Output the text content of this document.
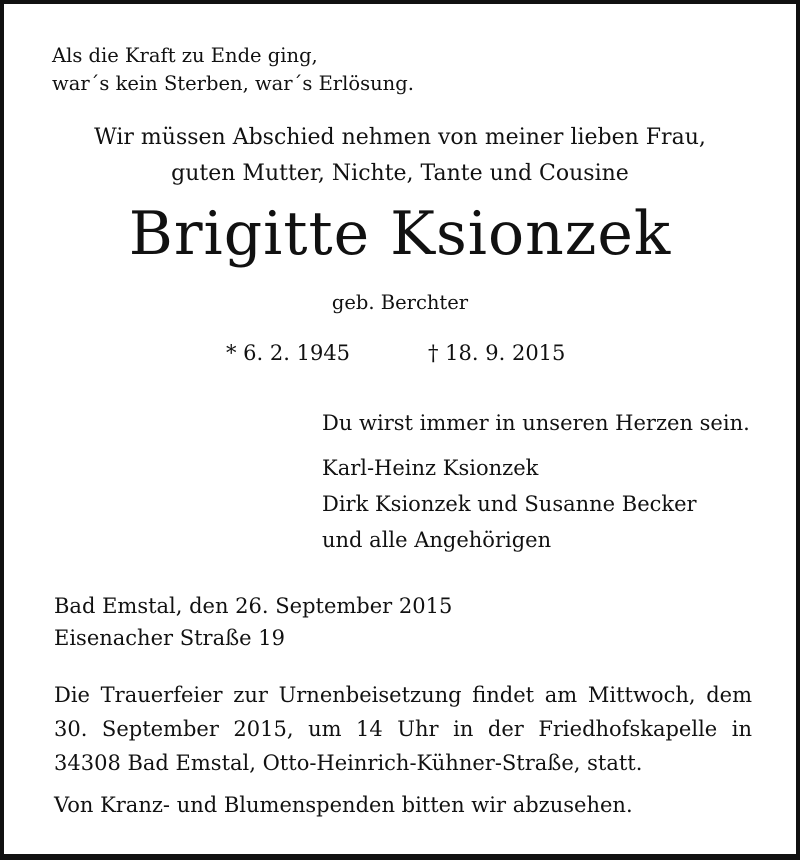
Als die Kraft zu Ende ging,
war´s kein Sterben, war´s Erlösung.
Wir müssen Abschied nehmen von meiner lieben Frau,
guten Mutter, Nichte, Tante und Cousine
Brigitte Ksionzek
geb. Berchter
* 6. 2. 1945	† 18. 9. 2015
Du wirst immer in unseren Herzen sein.
Karl-Heinz Ksionzek
Dirk Ksionzek und Susanne Becker
und alle Angehörigen
Bad Emstal, den 26. September 2015
Eisenacher Straße 19
Die Trauerfeier zur Urnenbeisetzung findet am Mittwoch, dem
30. September 2015, um 14 Uhr in der Friedhofskapelle in
34308 Bad Emstal, Otto-Heinrich-Kühner-Straße, statt.
Von Kranz- und Blumenspenden bitten wir abzusehen.
